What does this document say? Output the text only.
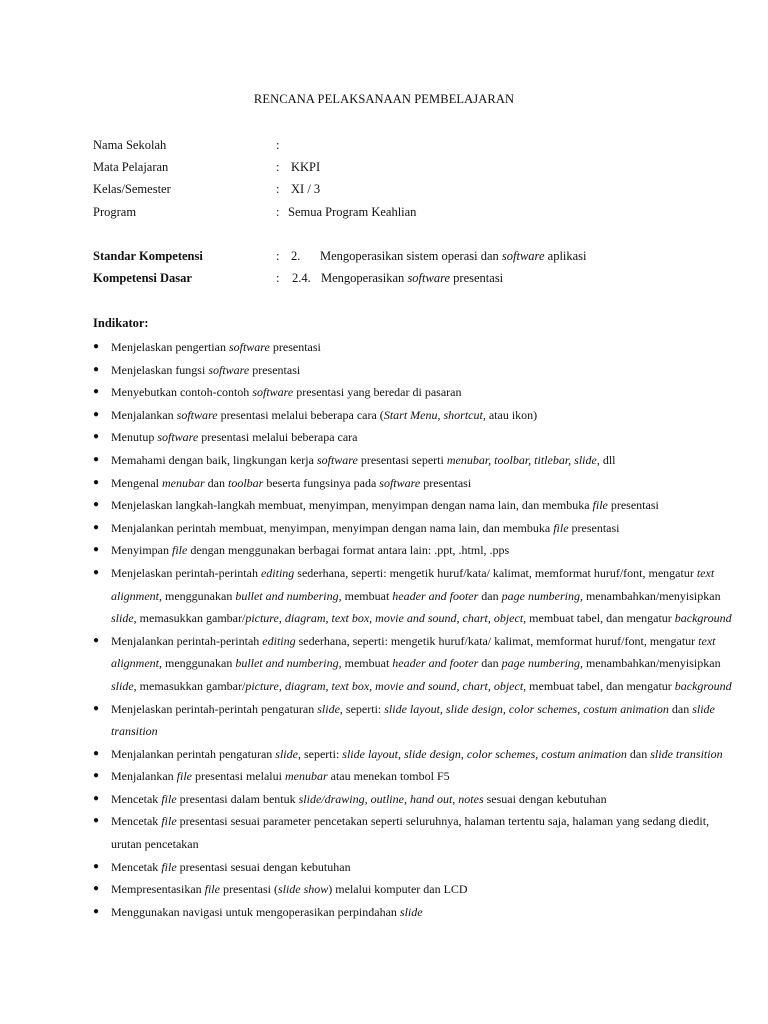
RENCANA PELAKSANAAN PEMBELAJARAN
Nama Sekolah	:
Mata Pelajaran	: KKPI
Kelas/Semester	: XI / 3
Program	: Semua Program Keahlian
Standar Kompetensi	: 2. Mengoperasikan sistem operasi dan software aplikasi
Kompetensi Dasar	: 2.4. Mengoperasikan software presentasi
Indikator:
● Menjelaskan pengertian software presentasi
● Menjelaskan fungsi software presentasi
● Menyebutkan contoh-contoh software presentasi yang beredar di pasaran
● Menjalankan software presentasi melalui beberapa cara (Start Menu, shortcut, atau ikon)
● Menutup software presentasi melalui beberapa cara
● Memahami dengan baik, lingkungan kerja software presentasi seperti menubar, toolbar, titlebar, slide, dll
● Mengenal menubar dan toolbar beserta fungsinya pada software presentasi
● Menjelaskan langkah-langkah membuat, menyimpan, menyimpan dengan nama lain, dan membuka file presentasi
● Menjalankan perintah membuat, menyimpan, menyimpan dengan nama lain, dan membuka file presentasi
● Menyimpan file dengan menggunakan berbagai format antara lain: .ppt, .html, .pps
● Menjelaskan perintah-perintah editing sederhana, seperti: mengetik huruf/kata/ kalimat, memformat huruf/font, mengatur text alignment, menggunakan bullet and numbering, membuat header and footer dan page numbering, menambahkan/menyisipkan slide, memasukkan gambar/picture, diagram, text box, movie and sound, chart, object, membuat tabel, dan mengatur background
● Menjalankan perintah-perintah editing sederhana, seperti: mengetik huruf/kata/ kalimat, memformat huruf/font, mengatur text alignment, menggunakan bullet and numbering, membuat header and footer dan page numbering, menambahkan/menyisipkan slide, memasukkan gambar/picture, diagram, text box, movie and sound, chart, object, membuat tabel, dan mengatur background
● Menjelaskan perintah-perintah pengaturan slide, seperti: slide layout, slide design, color schemes, costum animation dan slide transition
● Menjalankan perintah pengaturan slide, seperti: slide layout, slide design, color schemes, costum animation dan slide transition
● Menjalankan file presentasi melalui menubar atau menekan tombol F5
● Mencetak file presentasi dalam bentuk slide/drawing, outline, hand out, notes sesuai dengan kebutuhan
● Mencetak file presentasi sesuai parameter pencetakan seperti seluruhnya, halaman tertentu saja, halaman yang sedang diedit, urutan pencetakan
● Mencetak file presentasi sesuai dengan kebutuhan
● Mempresentasikan file presentasi (slide show) melalui komputer dan LCD
● Menggunakan navigasi untuk mengoperasikan perpindahan slide
